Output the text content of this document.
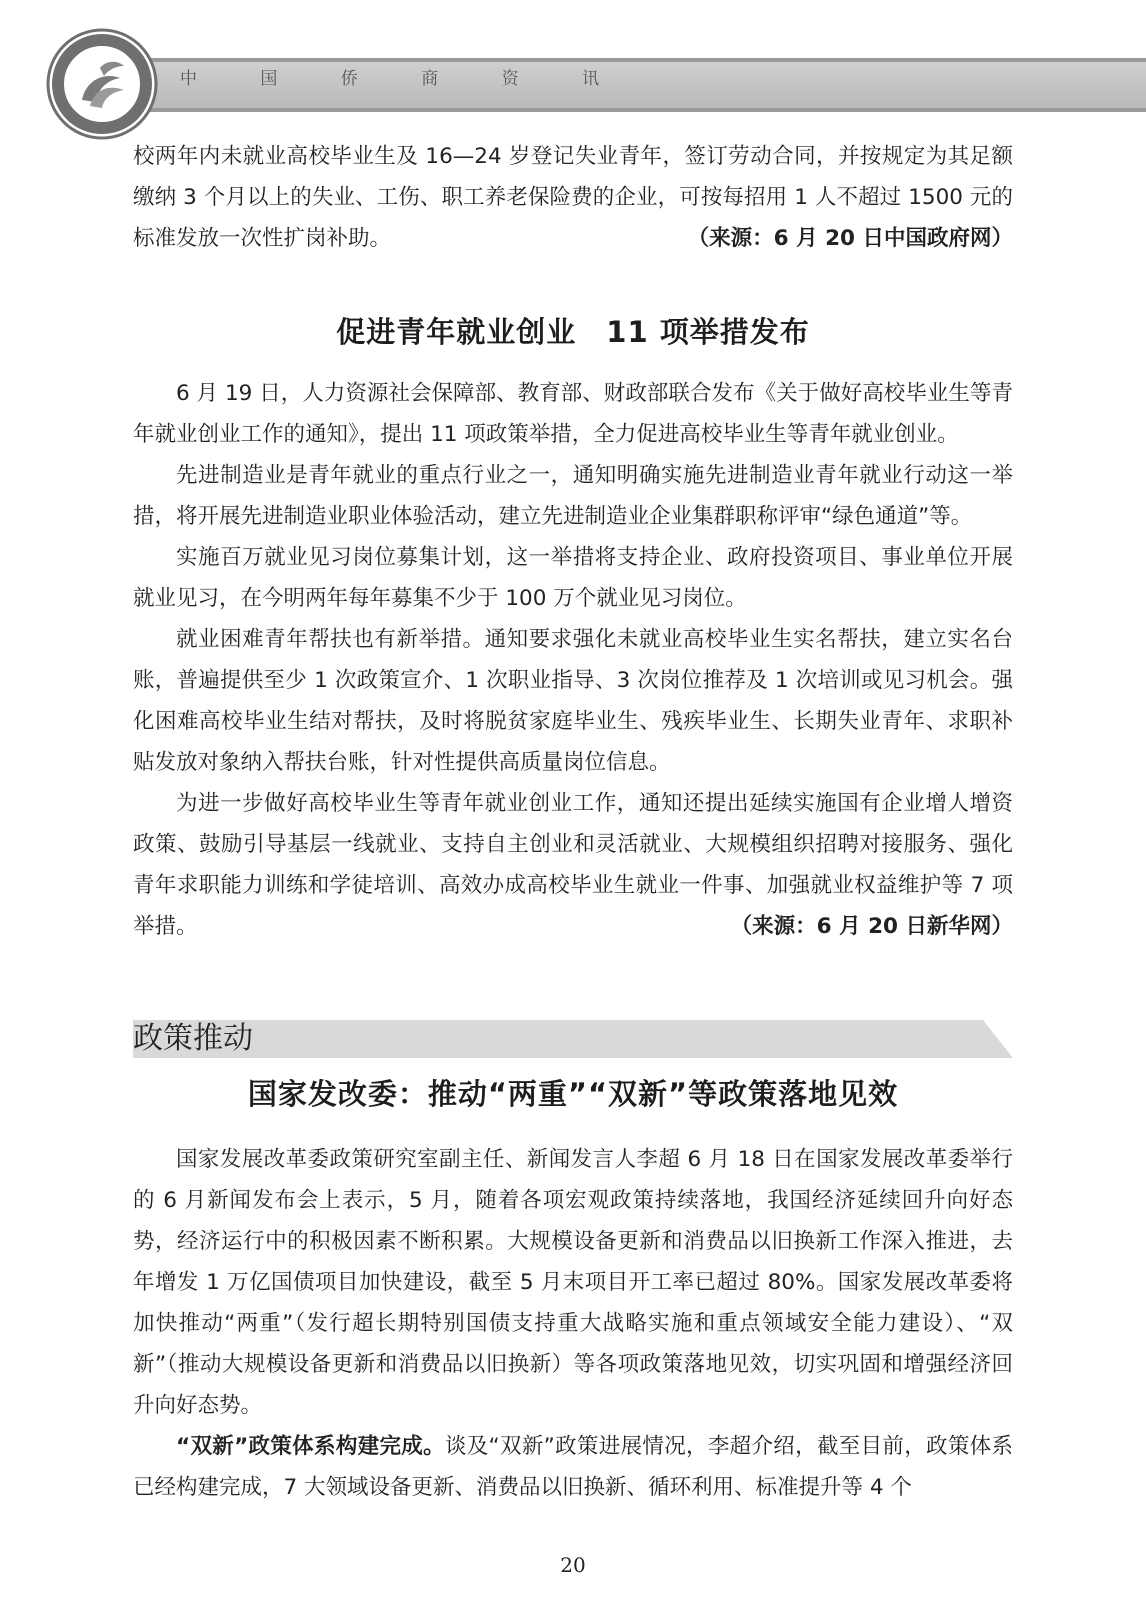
中 国 侨 商 资 讯

校两年内未就业高校毕业生及 16—24 岁登记失业青年，签订劳动合同，并按规定为其足额缴纳 3 个月以上的失业、工伤、职工养老保险费的企业，可按每招用 1 人不超过 1500 元的标准发放一次性扩岗补助。	（来源：6 月 20 日中国政府网）

促进青年就业创业　11 项举措发布

6 月 19 日，人力资源社会保障部、教育部、财政部联合发布《关于做好高校毕业生等青年就业创业工作的通知》，提出 11 项政策举措，全力促进高校毕业生等青年就业创业。

先进制造业是青年就业的重点行业之一，通知明确实施先进制造业青年就业行动这一举措，将开展先进制造业职业体验活动，建立先进制造业企业集群职称评审“绿色通道”等。

实施百万就业见习岗位募集计划，这一举措将支持企业、政府投资项目、事业单位开展就业见习，在今明两年每年募集不少于 100 万个就业见习岗位。

就业困难青年帮扶也有新举措。通知要求强化未就业高校毕业生实名帮扶，建立实名台账，普遍提供至少 1 次政策宣介、1 次职业指导、3 次岗位推荐及 1 次培训或见习机会。强化困难高校毕业生结对帮扶，及时将脱贫家庭毕业生、残疾毕业生、长期失业青年、求职补贴发放对象纳入帮扶台账，针对性提供高质量岗位信息。

为进一步做好高校毕业生等青年就业创业工作，通知还提出延续实施国有企业增人增资政策、鼓励引导基层一线就业、支持自主创业和灵活就业、大规模组织招聘对接服务、强化青年求职能力训练和学徒培训、高效办成高校毕业生就业一件事、加强就业权益维护等 7 项举措。	（来源：6 月 20 日新华网）

政策推动
国家发改委：推动“两重”“双新”等政策落地见效

国家发展改革委政策研究室副主任、新闻发言人李超 6 月 18 日在国家发展改革委举行的 6 月新闻发布会上表示，5 月，随着各项宏观政策持续落地，我国经济延续回升向好态势，经济运行中的积极因素不断积累。大规模设备更新和消费品以旧换新工作深入推进，去年增发 1 万亿国债项目加快建设，截至 5 月末项目开工率已超过 80%。国家发展改革委将加快推动“两重”（发行超长期特别国债支持重大战略实施和重点领域安全能力建设）、“双新”（推动大规模设备更新和消费品以旧换新）等各项政策落地见效，切实巩固和增强经济回升向好态势。

“双新”政策体系构建完成。谈及“双新”政策进展情况，李超介绍，截至目前，政策体系已经构建完成，7 大领域设备更新、消费品以旧换新、循环利用、标准提升等 4 个

20
